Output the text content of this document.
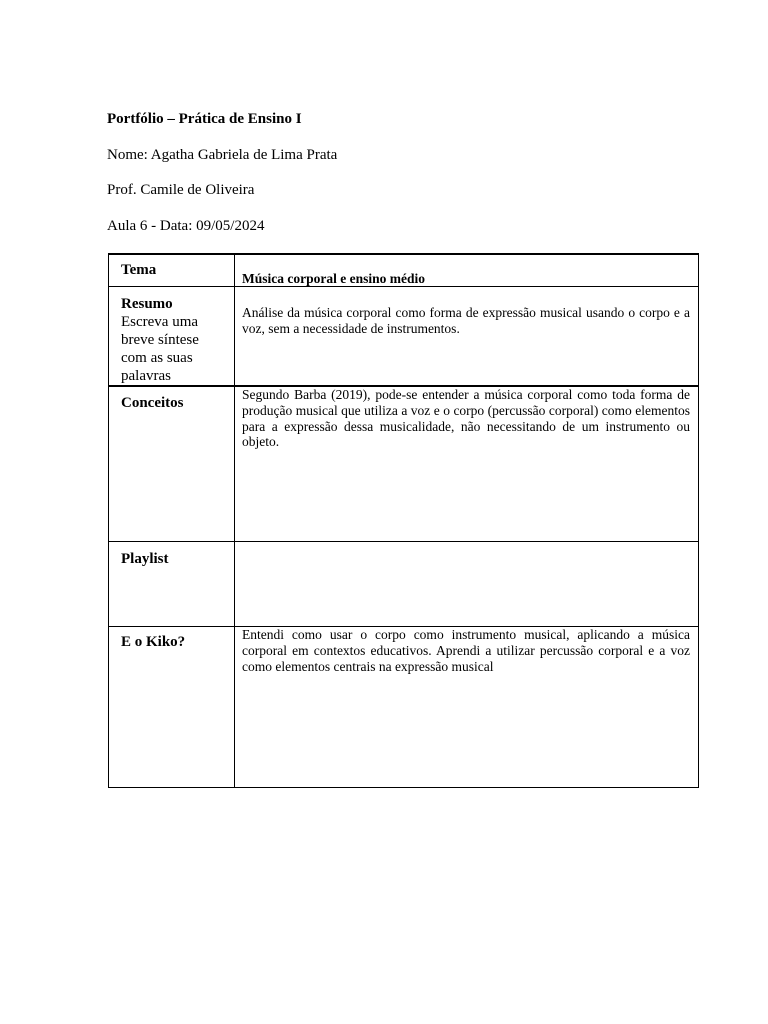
Portfólio – Prática de Ensino I
Nome: Agatha Gabriela de Lima Prata
Prof. Camile de Oliveira
Aula 6 - Data: 09/05/2024
Tema
Música corporal e ensino médio
Resumo
Escreva uma breve síntese com as suas palavras
Análise da música corporal como forma de expressão musical usando o corpo e a voz, sem a necessidade de instrumentos.
Conceitos
Segundo Barba (2019), pode-se entender a música corporal como toda forma de produção musical que utiliza a voz e o corpo (percussão corporal) como elementos para a expressão dessa musicalidade, não necessitando de um instrumento ou objeto.
Playlist
E o Kiko?	Entendi como usar o corpo como instrumento musical, aplicando a música corporal em contextos educativos. Aprendi a utilizar percussão corporal e a voz como elementos centrais na expressão musical
